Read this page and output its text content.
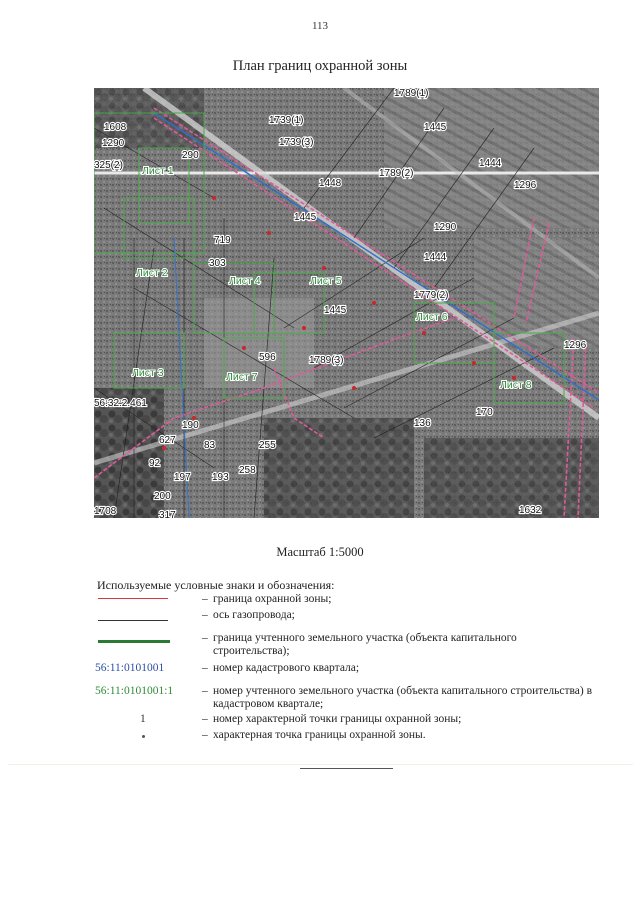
113
План границ охранной зоны
1608
1290
325(2)
290
1739(1)
1739(3)
1789(2)
1789(1)
1445
1444
1448	1296
719
1445
1290
1444
303
1445
1779(2)
1296
596	1789(3)
56:32:2.461
190
627	83
258
255
1632
317
197 193
1708
92
170
136
200
Лист 1
Лист 2
Лист 3
Лист 4	Лист 5
Лист 6
Лист 7
Лист 8
Масштаб 1:5000
Используемые условные знаки и обозначения:
– граница охранной зоны;
– ось газопровода;
– граница учтенного земельного участка (объекта капитального строительства);
56:11:0101001	– номер кадастрового квартала;
56:11:0101001:1	– номер учтенного земельного участка (объекта капитального строительства) в кадастровом квартале;
1	– номер характерной точки границы охранной зоны;
– характерная точка границы охранной зоны.
